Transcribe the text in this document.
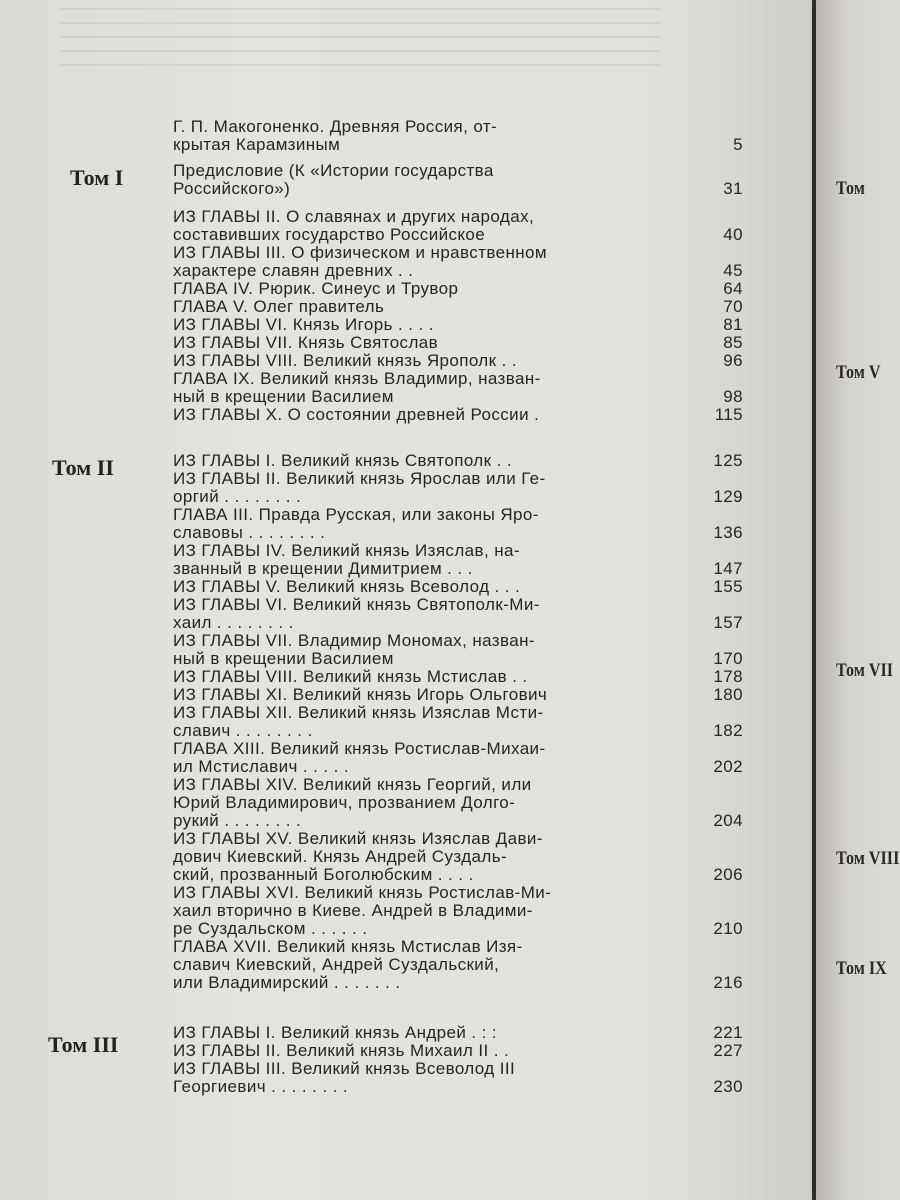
Том I
Том II
Том III
Г. П. Макогоненко. Древняя Россия, от-
крытая Карамзиным	5
Предисловие (К «Истории государства
Российского»)	31
ИЗ ГЛАВЫ II. О славянах и других народах,
составивших государство Российское	40
ИЗ ГЛАВЫ III. О физическом и нравственном
характере славян древних . .	45
ГЛАВА IV. Рюрик. Синеус и Трувор	64
ГЛАВА V. Олег правитель	70
ИЗ ГЛАВЫ VI. Князь Игорь . . . .	81
ИЗ ГЛАВЫ VII. Князь Святослав	85
ИЗ ГЛАВЫ VIII. Великий князь Ярополк . .	96
ГЛАВА IX. Великий князь Владимир, назван-
ный в крещении Василием	98
ИЗ ГЛАВЫ X. О состоянии древней России .	115
ИЗ ГЛАВЫ I. Великий князь Святополк . .	125
ИЗ ГЛАВЫ II. Великий князь Ярослав или Ге-
оргий . . . . . . . .	129
ГЛАВА III. Правда Русская, или законы Яро-
славовы . . . . . . . .	136
ИЗ ГЛАВЫ IV. Великий князь Изяслав, на-
званный в крещении Димитрием . . .	147
ИЗ ГЛАВЫ V. Великий князь Всеволод . . .	155
ИЗ ГЛАВЫ VI. Великий князь Святополк-Ми-
хаил . . . . . . . .	157
ИЗ ГЛАВЫ VII. Владимир Мономах, назван-
ный в крещении Василием	170
ИЗ ГЛАВЫ VIII. Великий князь Мстислав . .	178
ИЗ ГЛАВЫ XI. Великий князь Игорь Ольгович	180
ИЗ ГЛАВЫ XII. Великий князь Изяслав Мсти-
славич . . . . . . . .	182
ГЛАВА XIII. Великий князь Ростислав-Михаи-
ил Мстиславич . . . . .	202
ИЗ ГЛАВЫ XIV. Великий князь Георгий, или
Юрий Владимирович, прозванием Долго-
рукий . . . . . . . .	204
ИЗ ГЛАВЫ XV. Великий князь Изяслав Дави-
дович Киевский. Князь Андрей Суздаль-
ский, прозванный Боголюбским . . . .	206
ИЗ ГЛАВЫ XVI. Великий князь Ростислав-Ми-
хаил вторично в Киеве. Андрей в Владими-
ре Суздальском . . . . . .	210
ГЛАВА XVII. Великий князь Мстислав Изя-
славич Киевский, Андрей Суздальский,
или Владимирский . . . . . . .	216
ИЗ ГЛАВЫ I. Великий князь Андрей . : :	221
ИЗ ГЛАВЫ II. Великий князь Михаил II . .	227
ИЗ ГЛАВЫ III. Великий князь Всеволод III
Георгиевич . . . . . . . .	230
Том
Том V
Том VII
Том VIII
Том IX
